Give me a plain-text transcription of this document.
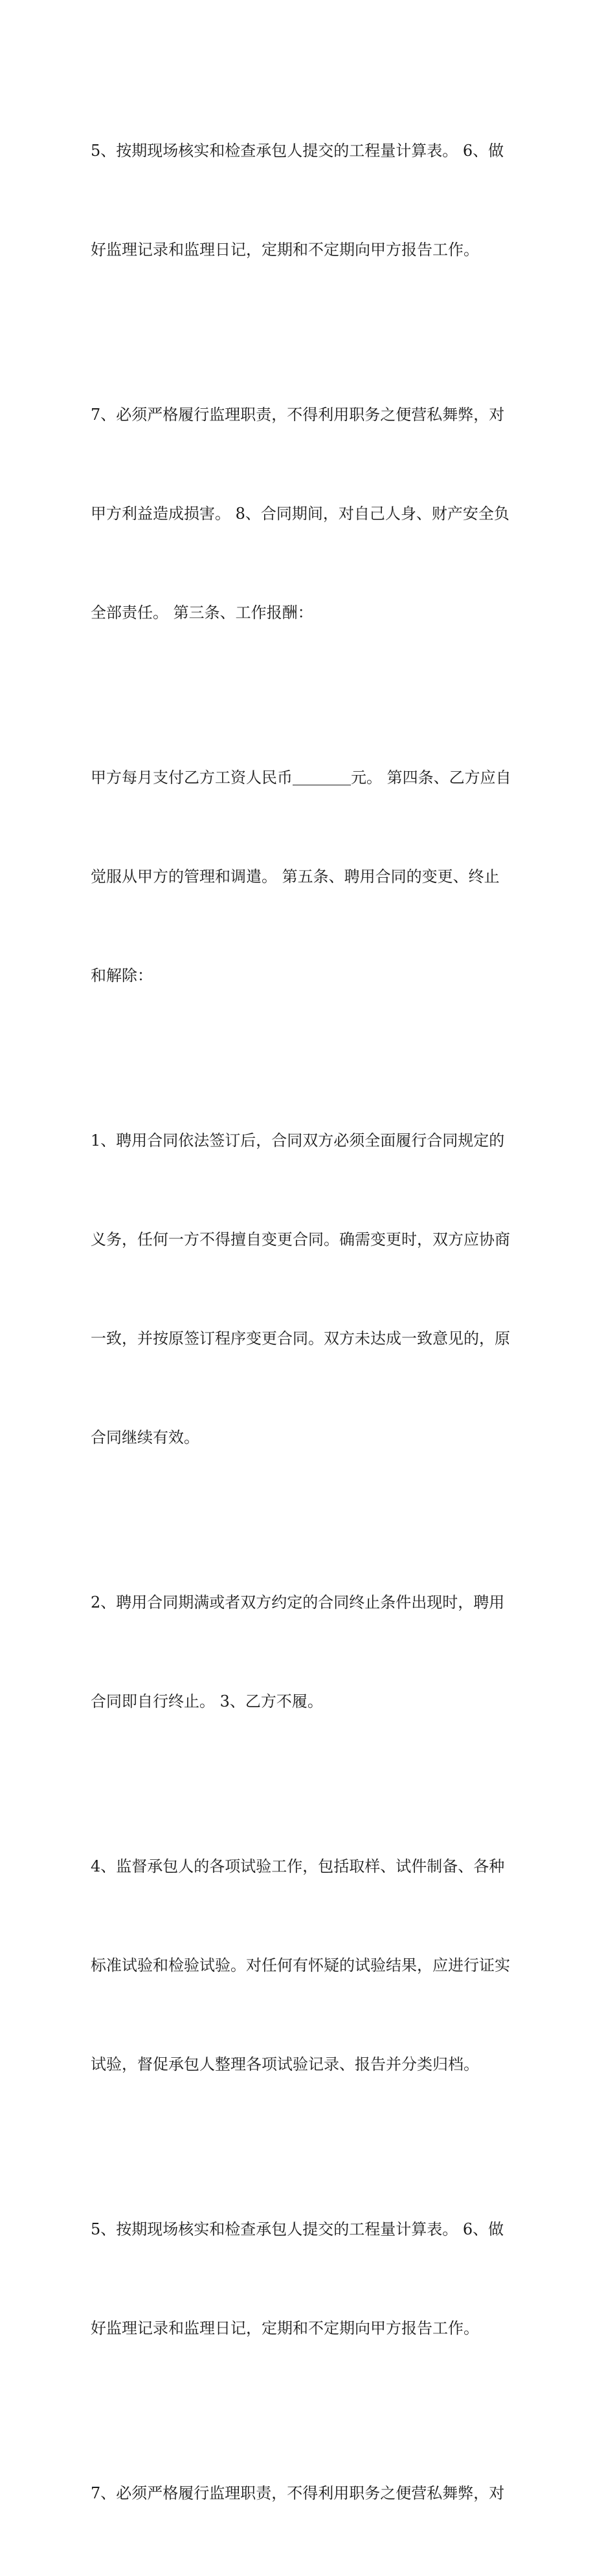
5、按期现场核实和检查承包人提交的工程量计算表。 6、做

好监理记录和监理日记，定期和不定期向甲方报告工作。

7、必须严格履行监理职责，不得利用职务之便营私舞弊，对

甲方利益造成损害。 8、合同期间，对自己人身、财产安全负

全部责任。 第三条、工作报酬：

甲方每月支付乙方工资人民币	元。 第四条、乙方应自

觉服从甲方的管理和调遣。 第五条、聘用合同的变更、终止

和解除：

1、聘用合同依法签订后，合同双方必须全面履行合同规定的

义务，任何一方不得擅自变更合同。确需变更时，双方应协商

一致，并按原签订程序变更合同。双方未达成一致意见的，原

合同继续有效。

2、聘用合同期满或者双方约定的合同终止条件出现时，聘用

合同即自行终止。 3、乙方不履。

4、监督承包人的各项试验工作，包括取样、试件制备、各种

标准试验和检验试验。对任何有怀疑的试验结果，应进行证实

试验，督促承包人整理各项试验记录、报告并分类归档。

5、按期现场核实和检查承包人提交的工程量计算表。 6、做

好监理记录和监理日记，定期和不定期向甲方报告工作。

7、必须严格履行监理职责，不得利用职务之便营私舞弊，对
